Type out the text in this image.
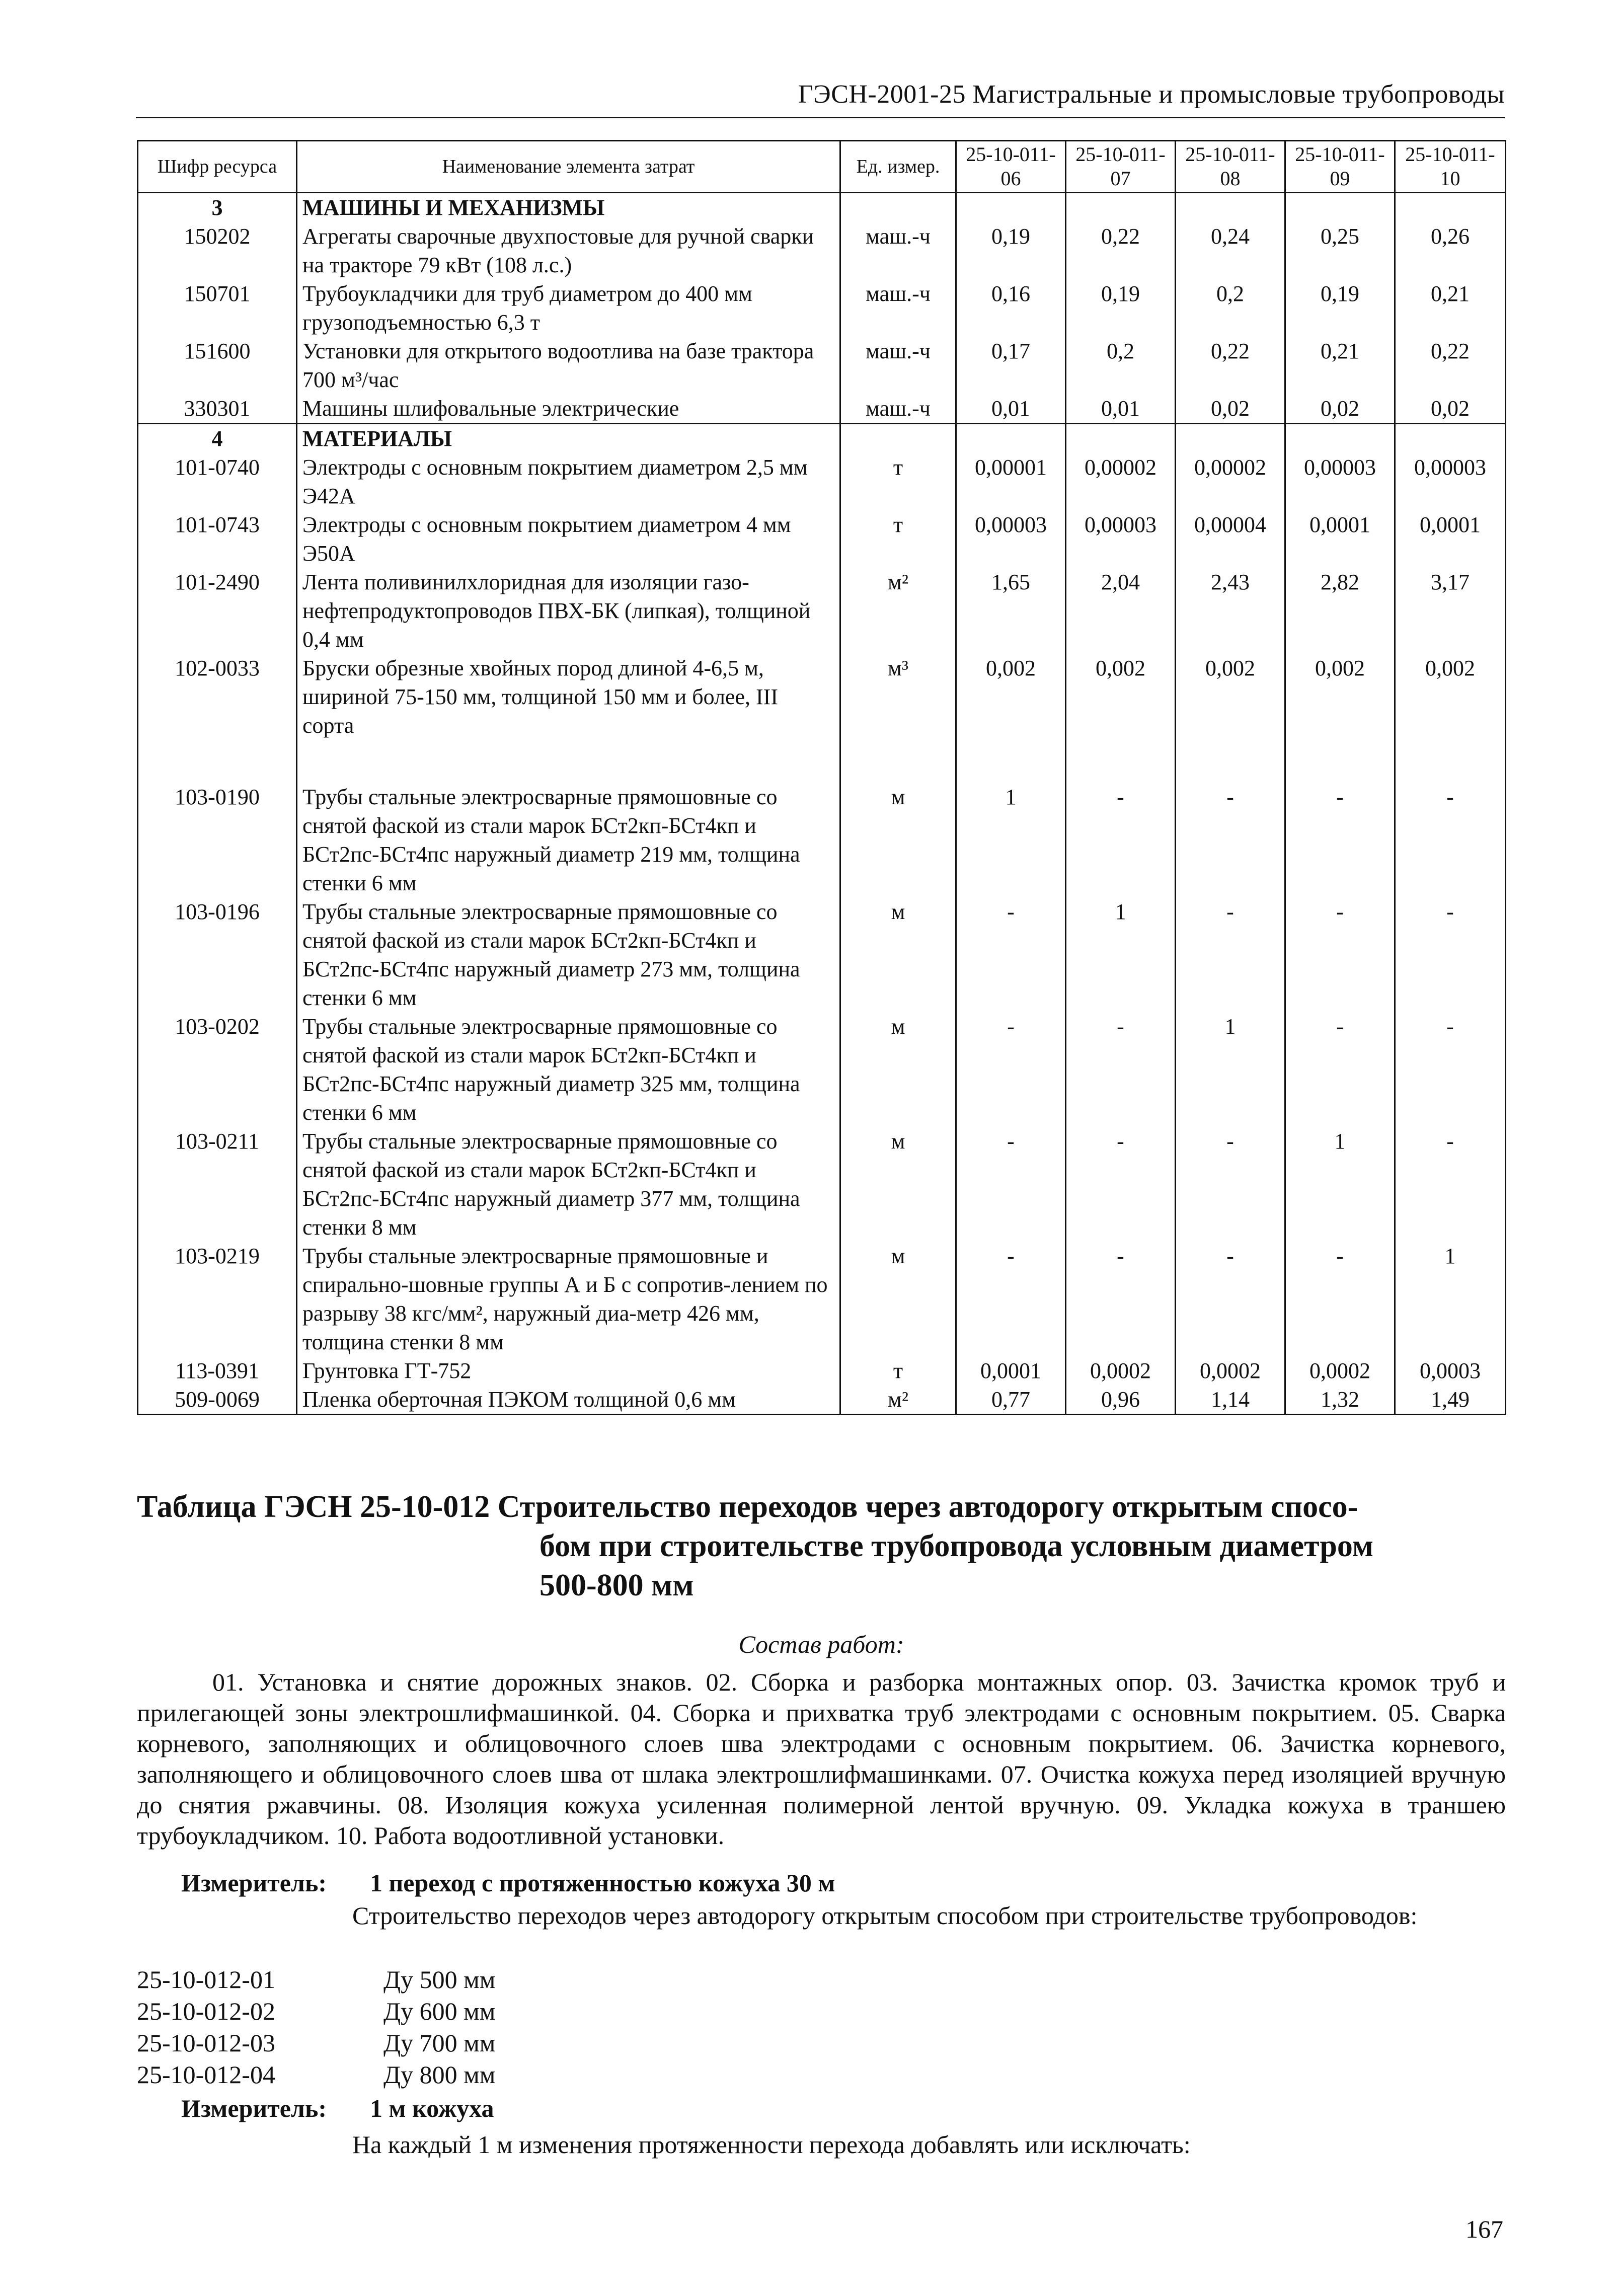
ГЭСН-2001-25 Магистральные и промысловые трубопроводы
Шифр ресурса	Наименование элемента затрат	Ед. измер.	25-10-011-06	25-10-011-07	25-10-011-08	25-10-011-09	25-10-011-10
3	МАШИНЫ И МЕХАНИЗМЫ						
150202	Агрегаты сварочные двухпостовые для ручной сварки на тракторе 79 кВт (108 л.с.)	маш.-ч	0,19	0,22	0,24	0,25	0,26
150701	Трубоукладчики для труб диаметром до 400 мм грузоподъемностью 6,3 т	маш.-ч	0,16	0,19	0,2	0,19	0,21
151600	Установки для открытого водоотлива на базе трактора 700 м³/час	маш.-ч	0,17	0,2	0,22	0,21	0,22
330301	Машины шлифовальные электрические	маш.-ч	0,01	0,01	0,02	0,02	0,02
4	МАТЕРИАЛЫ						
101-0740	Электроды с основным покрытием диаметром 2,5 мм Э42А	т	0,00001	0,00002	0,00002	0,00003	0,00003
101-0743	Электроды с основным покрытием диаметром 4 мм Э50А	т	0,00003	0,00003	0,00004	0,0001	0,0001
101-2490	Лента поливинилхлоридная для изоляции газо-нефтепродуктопроводов ПВХ-БК (липкая), толщиной 0,4 мм	м²	1,65	2,04	2,43	2,82	3,17
102-0033	Бруски обрезные хвойных пород длиной 4-6,5 м, шириной 75-150 мм, толщиной 150 мм и более, III сорта	м³	0,002	0,002	0,002	0,002	0,002

103-0190	Трубы стальные электросварные прямошовные со снятой фаской из стали марок БСт2кп-БСт4кп и БСт2пс-БСт4пс наружный диаметр 219 мм, толщина стенки 6 мм	м	1	-	-	-	-
103-0196	Трубы стальные электросварные прямошовные со снятой фаской из стали марок БСт2кп-БСт4кп и БСт2пс-БСт4пс наружный диаметр 273 мм, толщина стенки 6 мм	м	-	1	-	-	-
103-0202	Трубы стальные электросварные прямошовные со снятой фаской из стали марок БСт2кп-БСт4кп и БСт2пс-БСт4пс наружный диаметр 325 мм, толщина стенки 6 мм	м	-	-	1	-	-
103-0211	Трубы стальные электросварные прямошовные со снятой фаской из стали марок БСт2кп-БСт4кп и БСт2пс-БСт4пс наружный диаметр 377 мм, толщина стенки 8 мм	м	-	-	-	1	-
103-0219	Трубы стальные электросварные прямошовные и спирально-шовные группы А и Б с сопротив-лением по разрыву 38 кгс/мм², наружный диа-метр 426 мм, толщина стенки 8 мм	м	-	-	-	-	1
113-0391	Грунтовка ГТ-752	т	0,0001	0,0002	0,0002	0,0002	0,0003
509-0069	Пленка оберточная ПЭКОМ толщиной 0,6 мм	м²	0,77	0,96	1,14	1,32	1,49
Таблица ГЭСН 25-10-012 Строительство переходов через автодорогу открытым спосо-
бом при строительстве трубопровода условным диаметром
500-800 мм
Состав работ:
01. Установка и снятие дорожных знаков. 02. Сборка и разборка монтажных опор. 03. Зачистка кромок труб и прилегающей зоны электрошлифмашинкой. 04. Сборка и прихватка труб электродами с основным покрытием. 05. Сварка корневого, заполняющих и облицовочного слоев шва электродами с основным покрытием. 06. Зачистка корневого, заполняющего и облицовочного слоев шва от шлака электрошлифмашинками. 07. Очистка кожуха перед изоляцией вручную до снятия ржавчины. 08. Изоляция кожуха усиленная полимерной лентой вручную. 09. Укладка кожуха в траншею трубоукладчиком. 10. Работа водоотливной установки.
Измеритель: 1 переход с протяженностью кожуха 30 м
Строительство переходов через автодорогу открытым способом при строительстве трубопроводов:
25-10-012-01	Ду 500 мм
25-10-012-02	Ду 600 мм
25-10-012-03	Ду 700 мм
25-10-012-04	Ду 800 мм
Измеритель: 1 м кожуха
На каждый 1 м изменения протяженности перехода добавлять или исключать:
167
